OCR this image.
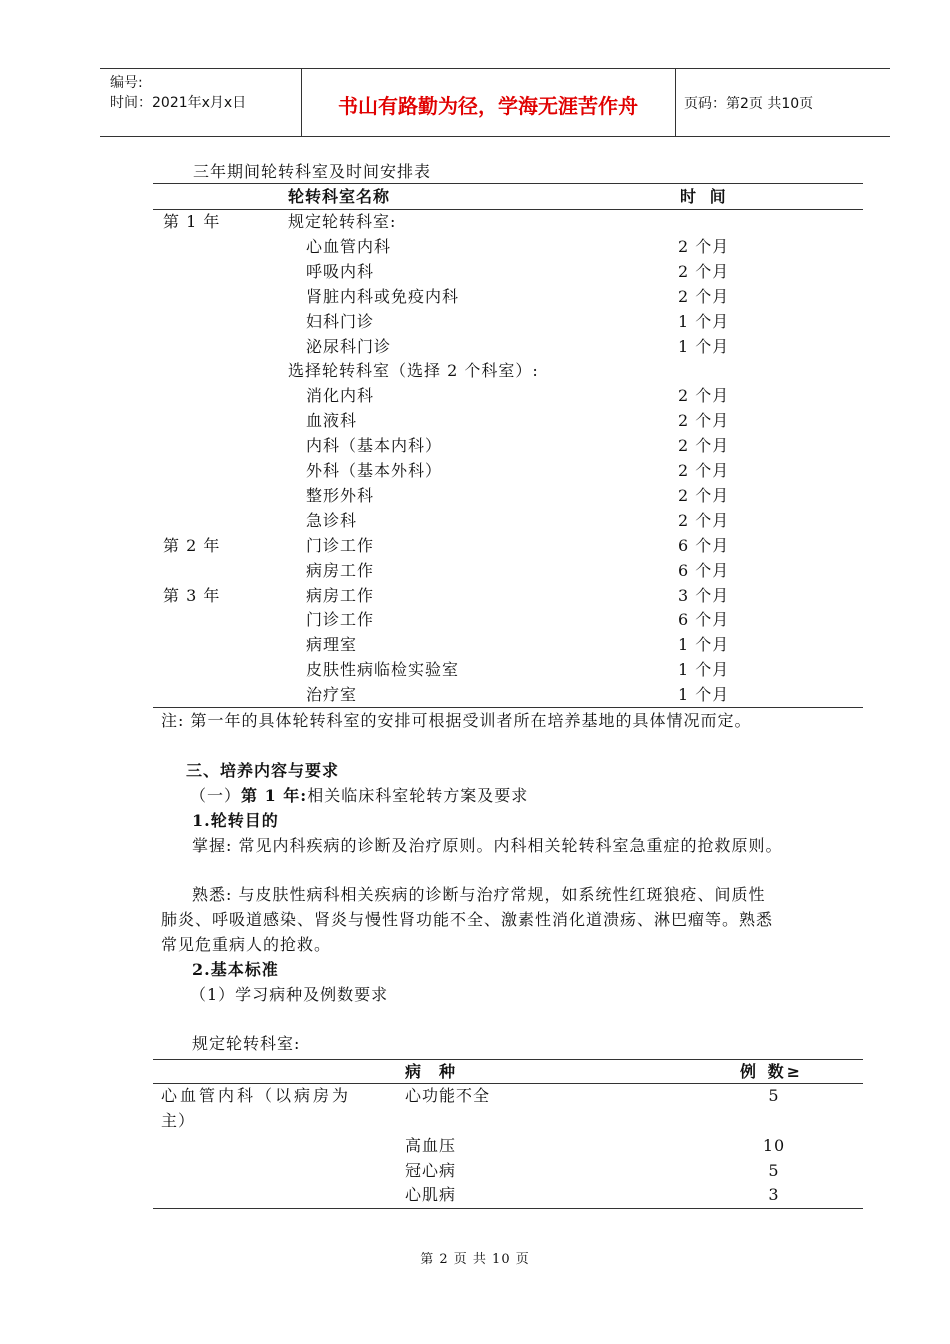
编号:
时间：2021年x月x日	书山有路勤为径，学海无涯苦作舟	页码：第2页 共10页
三年期间轮转科室及时间安排表
轮转科室名称	时 间
第 1 年	规定轮转科室:
心血管内科	2 个月
呼吸内科	2 个月
肾脏内科或免疫内科	2 个月
妇科门诊	1 个月
泌尿科门诊	1 个月
选择轮转科室（选择 2 个科室）:
消化内科	2 个月
血液科	2 个月
内科（基本内科）	2 个月
外科（基本外科）	2 个月
整形外科	2 个月
急诊科	2 个月
第 2 年	门诊工作	6 个月
病房工作	6 个月
第 3 年	病房工作	3 个月
门诊工作	6 个月
病理室	1 个月
皮肤性病临检实验室	1 个月
治疗室	1 个月
注: 第一年的具体轮转科室的安排可根据受训者所在培养基地的具体情况而定。
三、培养内容与要求
（一）第 1 年:相关临床科室轮转方案及要求
1.轮转目的
掌握: 常见内科疾病的诊断及治疗原则。内科相关轮转科室急重症的抢救原则。
熟悉: 与皮肤性病科相关疾病的诊断与治疗常规，如系统性红斑狼疮、间质性
肺炎、呼吸道感染、肾炎与慢性肾功能不全、激素性消化道溃疡、淋巴瘤等。熟悉
常见危重病人的抢救。
2.基本标准
（1）学习病种及例数要求
规定轮转科室:
病　种	例 数≥
心血管内科（以病房为
主）
心功能不全	5
高血压	10
冠心病	5
心肌病	3
第 2 页 共 10 页
